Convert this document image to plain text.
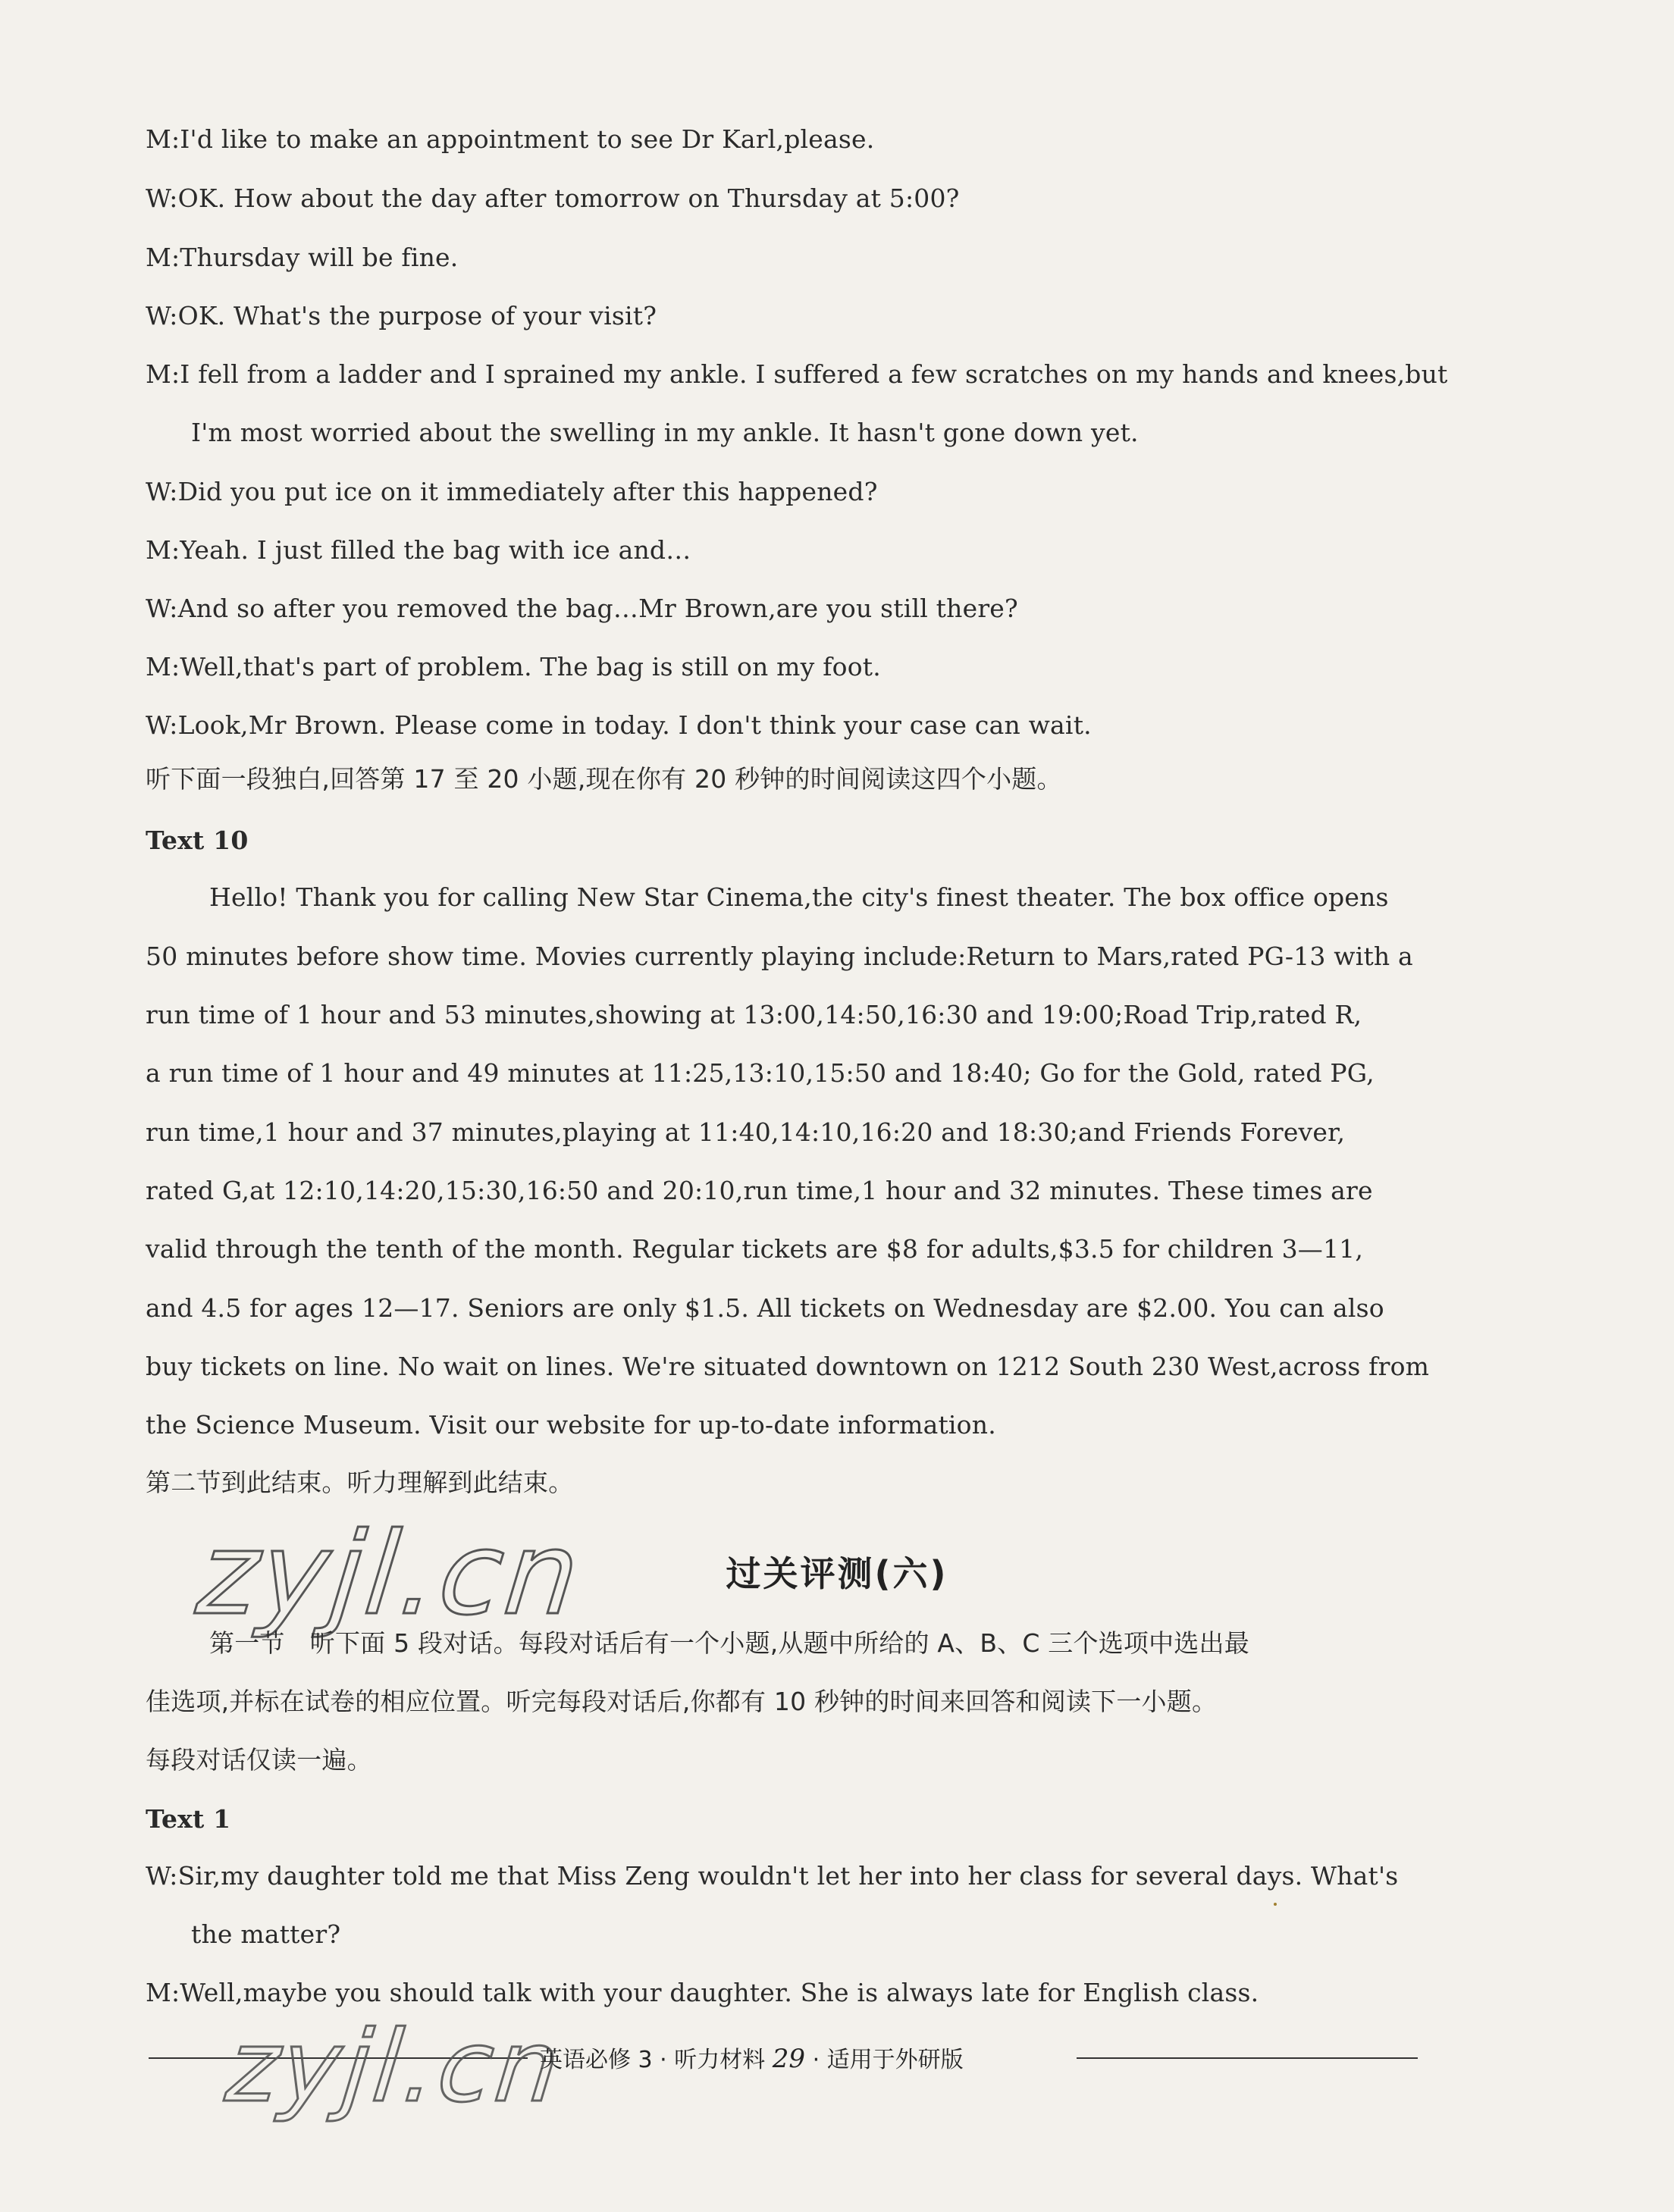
M:I'd like to make an appointment to see Dr Karl,please.
W:OK. How about the day after tomorrow on Thursday at 5:00?
M:Thursday will be fine.
W:OK. What's the purpose of your visit?
M:I fell from a ladder and I sprained my ankle. I suffered a few scratches on my hands and knees,but
I'm most worried about the swelling in my ankle. It hasn't gone down yet.
W:Did you put ice on it immediately after this happened?
M:Yeah. I just filled the bag with ice and…
W:And so after you removed the bag…Mr Brown,are you still there?
M:Well,that's part of problem. The bag is still on my foot.
W:Look,Mr Brown. Please come in today. I don't think your case can wait.
听下面一段独白,回答第 17 至 20 小题,现在你有 20 秒钟的时间阅读这四个小题。
Text 10
Hello! Thank you for calling New Star Cinema,the city's finest theater. The box office opens
50 minutes before show time. Movies currently playing include:Return to Mars,rated PG-13 with a
run time of 1 hour and 53 minutes,showing at 13:00,14:50,16:30 and 19:00;Road Trip,rated R,
a run time of 1 hour and 49 minutes at 11:25,13:10,15:50 and 18:40; Go for the Gold, rated PG,
run time,1 hour and 37 minutes,playing at 11:40,14:10,16:20 and 18:30;and Friends Forever,
rated G,at 12:10,14:20,15:30,16:50 and 20:10,run time,1 hour and 32 minutes. These times are
valid through the tenth of the month. Regular tickets are $8 for adults,$3.5 for children 3—11,
and 4.5 for ages 12—17. Seniors are only $1.5. All tickets on Wednesday are $2.00. You can also
buy tickets on line. No wait on lines. We're situated downtown on 1212 South 230 West,across from
the Science Museum. Visit our website for up-to-date information.
第二节到此结束。听力理解到此结束。
zyjl.cn	过关评测(六)
第一节　听下面 5 段对话。每段对话后有一个小题,从题中所给的 A、B、C 三个选项中选出最
佳选项,并标在试卷的相应位置。听完每段对话后,你都有 10 秒钟的时间来回答和阅读下一小题。
每段对话仅读一遍。
Text 1
W:Sir,my daughter told me that Miss Zeng wouldn't let her into her class for several days. What's
the matter?
M:Well,maybe you should talk with your daughter. She is always late for English class.
zyjl.cn
英语必修 3 · 听力材料 29 · 适用于外研版
